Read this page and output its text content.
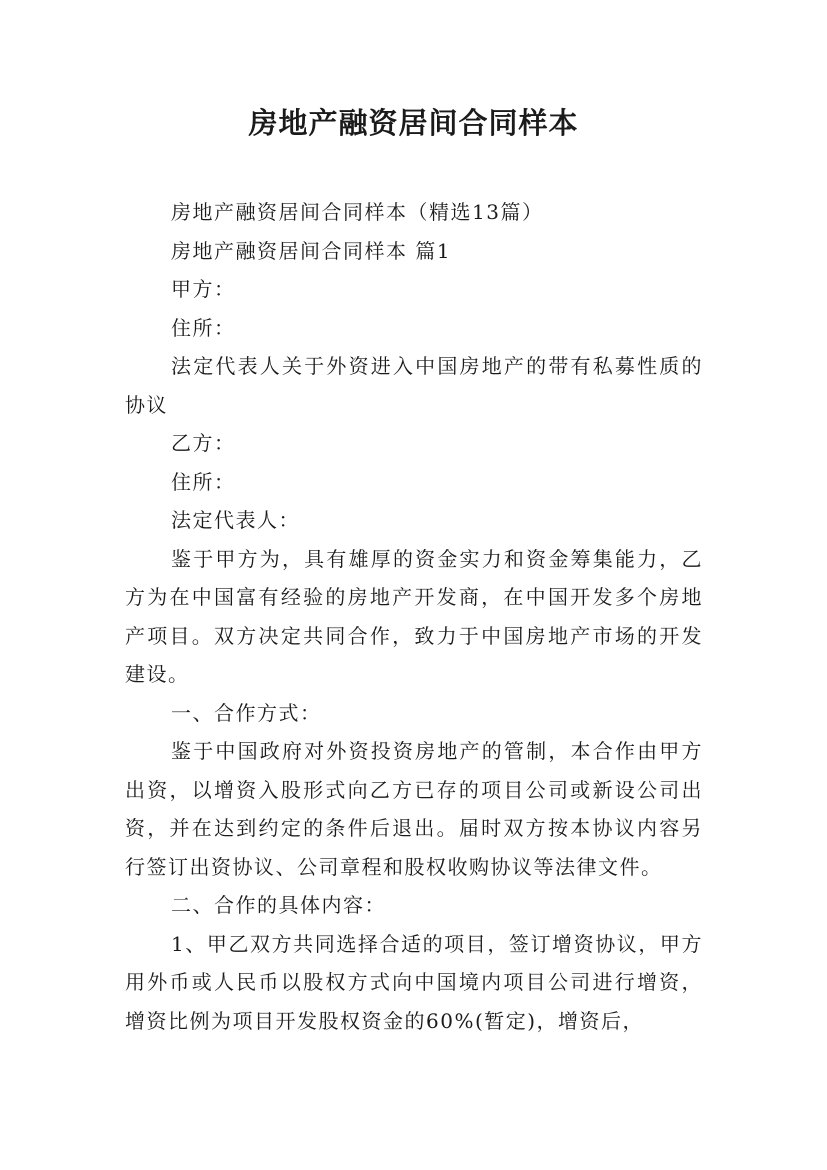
房地产融资居间合同样本

房地产融资居间合同样本（精选13篇）

房地产融资居间合同样本 篇1

甲方：

住所：

法定代表人关于外资进入中国房地产的带有私募性质的协议

乙方：

住所：

法定代表人：

鉴于甲方为，具有雄厚的资金实力和资金筹集能力，乙方为在中国富有经验的房地产开发商，在中国开发多个房地产项目。双方决定共同合作，致力于中国房地产市场的开发建设。

一、合作方式：

鉴于中国政府对外资投资房地产的管制，本合作由甲方出资，以增资入股形式向乙方已存的项目公司或新设公司出资，并在达到约定的条件后退出。届时双方按本协议内容另行签订出资协议、公司章程和股权收购协议等法律文件。

二、合作的具体内容：

1、甲乙双方共同选择合适的项目，签订增资协议，甲方用外币或人民币以股权方式向中国境内项目公司进行增资，增资比例为项目开发股权资金的60%(暂定)，增资后，
